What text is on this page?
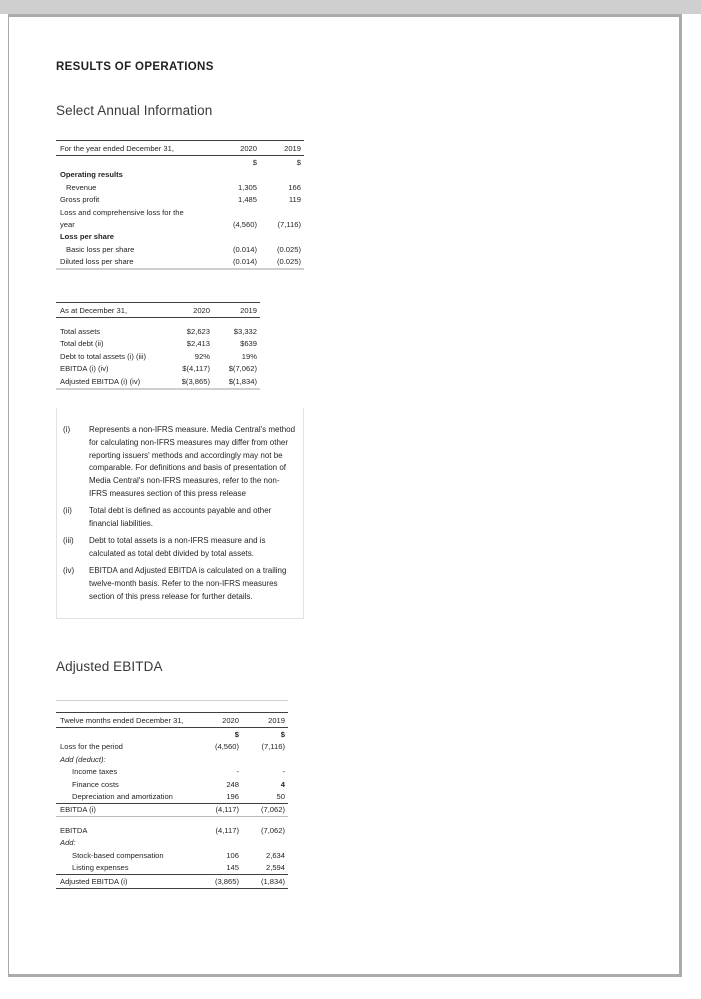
RESULTS OF OPERATIONS
Select Annual Information
For the year ended December 31,	2020	2019
	$	$
Operating results		
Revenue	1,305	166
Gross profit	1,485	119
Loss and comprehensive loss for the		
year	(4,560)	(7,116)
Loss per share		
Basic loss per share	(0.014)	(0.025)
Diluted loss per share	(0.014)	(0.025)
As at December 31,	2020	2019

Total assets	$2,623	$3,332
Total debt (ii)	$2,413	$639
Debt to total assets (i) (iii)	92%	19%
EBITDA (i) (iv)	$(4,117)	$(7,062)
Adjusted EBITDA (i) (iv)	$(3,865)	$(1,834)
(i)	Represents a non-IFRS measure. Media Central's method for calculating non-IFRS measures may differ from other reporting issuers' methods and accordingly may not be comparable. For definitions and basis of presentation of Media Central's non-IFRS measures, refer to the non-IFRS measures section of this press release
(ii)	Total debt is defined as accounts payable and other financial liabilities.
(iii)	Debt to total assets is a non-IFRS measure and is calculated as total debt divided by total assets.
(iv)	EBITDA and Adjusted EBITDA is calculated on a trailing twelve-month basis. Refer to the non-IFRS measures section of this press release for further details.
Adjusted EBITDA
Twelve months ended December 31,	2020	2019
	$	$
Loss for the period	(4,560)	(7,116)
Add (deduct):		
Income taxes	-	-
Finance costs	248	4
Depreciation and amortization	196	50
EBITDA (i)	(4,117)	(7,062)

EBITDA	(4,117)	(7,062)
Add:		
Stock-based compensation	106	2,634
Listing expenses	145	2,594
Adjusted EBITDA (i)	(3,865)	(1,834)
